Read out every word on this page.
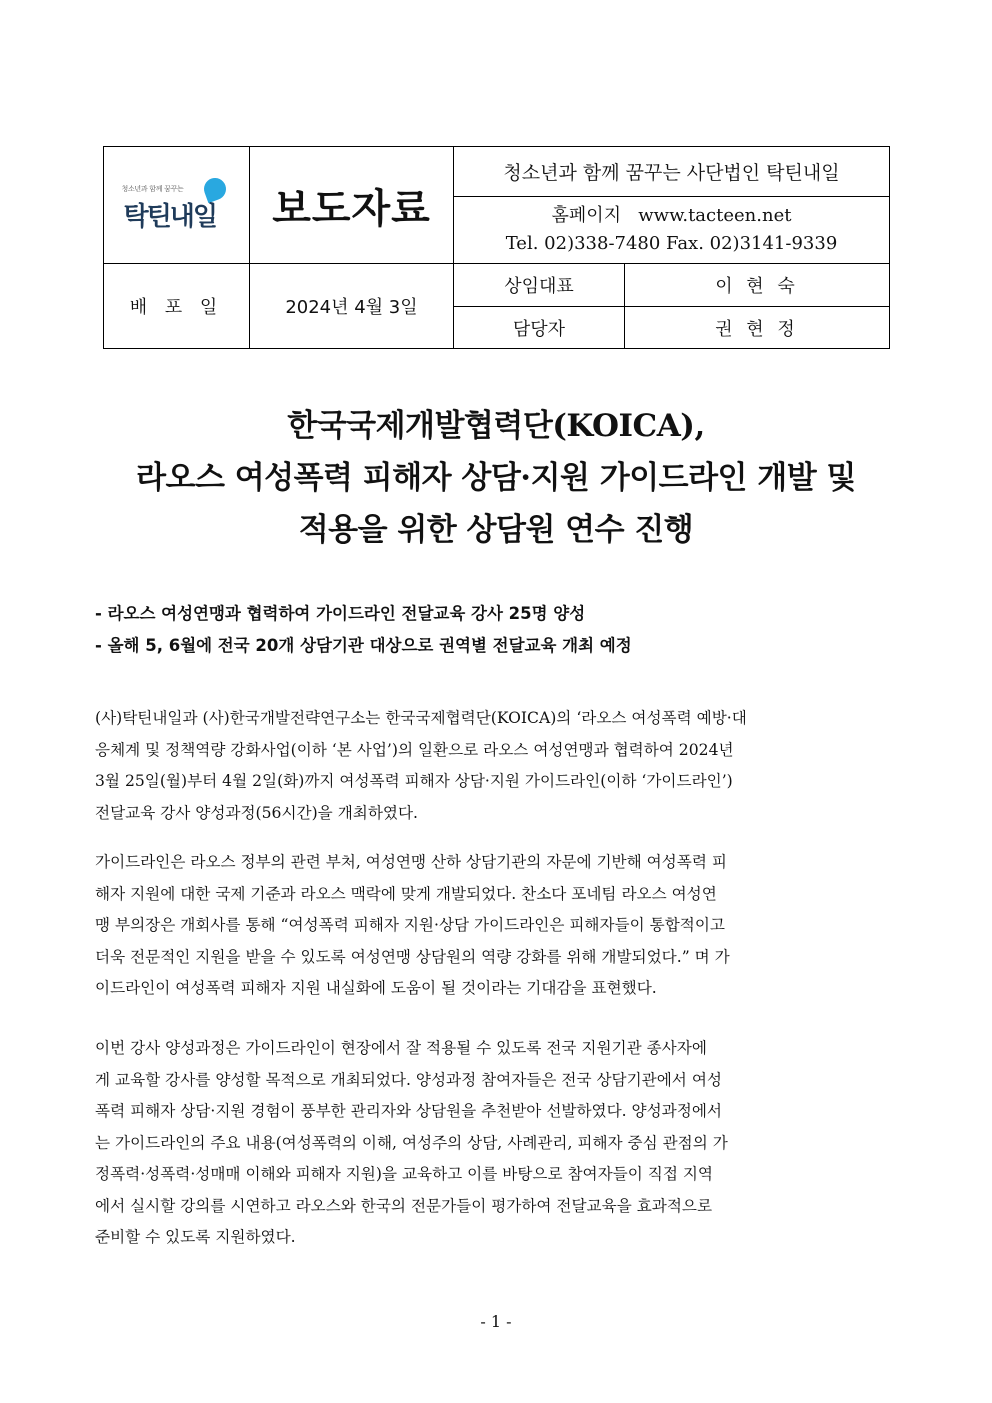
청소년과 함께 꿈꾸는
탁틴내일	보도자료	청소년과 함께 꿈꾸는 사단법인 탁틴내일	

		홈페이지 www.tacteen.net
Tel. 02)338-7480 Fax. 02)3141-9339	

배 포 일	2024년 4월 3일	상임대표	이 현 숙
		담당자	권 현 정
한국국제개발협력단(KOICA),
라오스 여성폭력 피해자 상담·지원 가이드라인 개발 및
적용을 위한 상담원 연수 진행
- 라오스 여성연맹과 협력하여 가이드라인 전달교육 강사 25명 양성
- 올해 5, 6월에 전국 20개 상담기관 대상으로 권역별 전달교육 개최 예정
(사)탁틴내일과 (사)한국개발전략연구소는 한국국제협력단(KOICA)의 ‘라오스 여성폭력 예방·대
응체계 및 정책역량 강화사업(이하 ‘본 사업’)의 일환으로 라오스 여성연맹과 협력하여 2024년
3월 25일(월)부터 4월 2일(화)까지 여성폭력 피해자 상담·지원 가이드라인(이하 ‘가이드라인’)
전달교육 강사 양성과정(56시간)을 개최하였다.
가이드라인은 라오스 정부의 관련 부처, 여성연맹 산하 상담기관의 자문에 기반해 여성폭력 피
해자 지원에 대한 국제 기준과 라오스 맥락에 맞게 개발되었다. 찬소다 포네팀 라오스 여성연
맹 부의장은 개회사를 통해 “여성폭력 피해자 지원·상담 가이드라인은 피해자들이 통합적이고
더욱 전문적인 지원을 받을 수 있도록 여성연맹 상담원의 역량 강화를 위해 개발되었다.” 며 가
이드라인이 여성폭력 피해자 지원 내실화에 도움이 될 것이라는 기대감을 표현했다.
이번 강사 양성과정은 가이드라인이 현장에서 잘 적용될 수 있도록 전국 지원기관 종사자에
게 교육할 강사를 양성할 목적으로 개최되었다. 양성과정 참여자들은 전국 상담기관에서 여성
폭력 피해자 상담·지원 경험이 풍부한 관리자와 상담원을 추천받아 선발하였다. 양성과정에서
는 가이드라인의 주요 내용(여성폭력의 이해, 여성주의 상담, 사례관리, 피해자 중심 관점의 가
정폭력·성폭력·성매매 이해와 피해자 지원)을 교육하고 이를 바탕으로 참여자들이 직접 지역
에서 실시할 강의를 시연하고 라오스와 한국의 전문가들이 평가하여 전달교육을 효과적으로
준비할 수 있도록 지원하였다.
- 1 -
